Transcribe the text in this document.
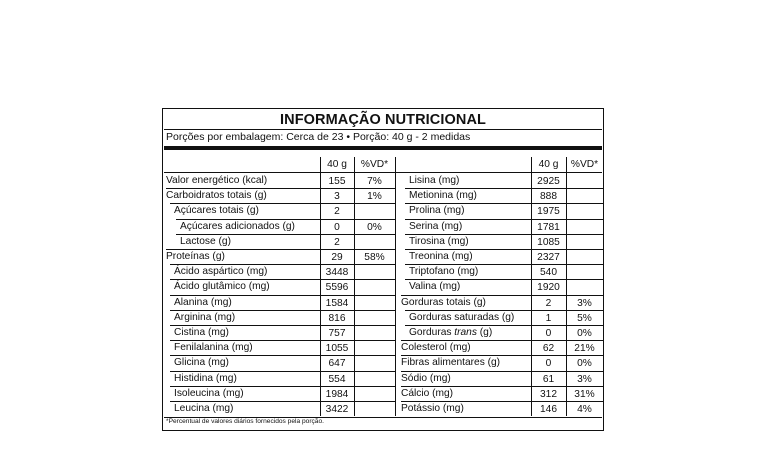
INFORMAÇÃO NUTRICIONAL
Porções por embalagem: Cerca de 23 • Porção: 40 g - 2 medidas
40 g	%VD*	40 g	%VD*
Valor energético (kcal)	155	7%
Carboidratos totais (g)	3	1%
Açúcares totais (g)	2
Açúcares adicionados (g)	0	0%
Lactose (g)	2
Proteínas (g)	29	58%
Ácido aspártico (mg)	3448
Ácido glutâmico (mg)	5596
Alanina (mg)	1584
Arginina (mg)	816
Cistina (mg)	757
Fenilalanina (mg)	1055
Glicina (mg)	647
Histidina (mg)	554
Isoleucina (mg)	1984
Leucina (mg)	3422
Lisina (mg)	2925
Metionina (mg)	888
Prolina (mg)	1975
Serina (mg)	1781
Tirosina (mg)	1085
Treonina (mg)	2327
Triptofano (mg)	540
Valina (mg)	1920
Gorduras totais (g)	2	3%
Gorduras saturadas (g)	1	5%
Gorduras trans (g)	0	0%
Colesterol (mg)	62	21%
Fibras alimentares (g)	0	0%
Sódio (mg)	61	3%
Cálcio (mg)	312	31%
Potássio (mg)	146	4%
*Percentual de valores diários fornecidos pela porção.
